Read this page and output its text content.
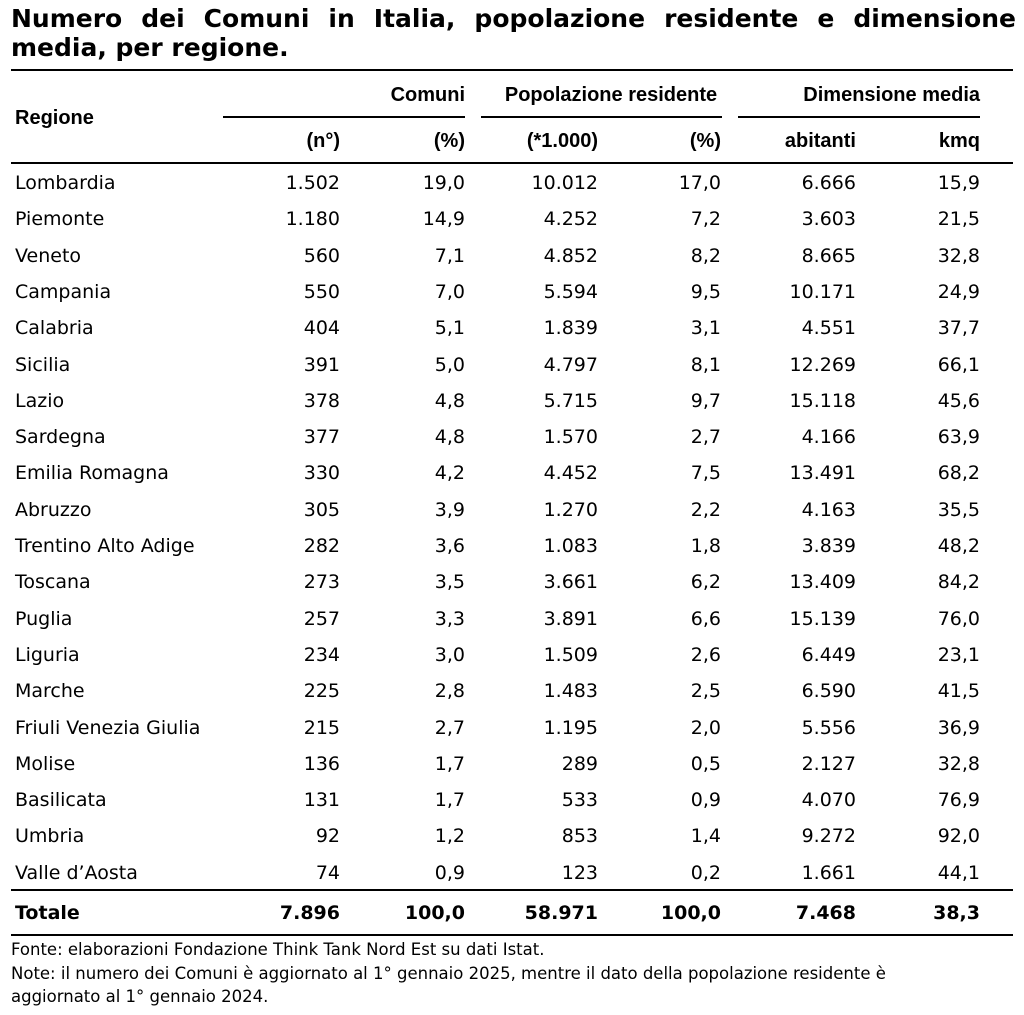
Numero dei Comuni in Italia, popolazione residente e dimensione media, per regione.
Regione
Comuni	Popolazione residente	Dimensione media
(n°)	(%)	(*1.000)	(%)	abitanti	kmq
Lombardia	1.502	19,0	10.012	17,0	6.666	15,9
Piemonte	1.180	14,9	4.252	7,2	3.603	21,5
Veneto	560	7,1	4.852	8,2	8.665	32,8
Campania	550	7,0	5.594	9,5	10.171	24,9
Calabria	404	5,1	1.839	3,1	4.551	37,7
Sicilia	391	5,0	4.797	8,1	12.269	66,1
Lazio	378	4,8	5.715	9,7	15.118	45,6
Sardegna	377	4,8	1.570	2,7	4.166	63,9
Emilia Romagna	330	4,2	4.452	7,5	13.491	68,2
Abruzzo	305	3,9	1.270	2,2	4.163	35,5
Trentino Alto Adige	282	3,6	1.083	1,8	3.839	48,2
Toscana	273	3,5	3.661	6,2	13.409	84,2
Puglia	257	3,3	3.891	6,6	15.139	76,0
Liguria	234	3,0	1.509	2,6	6.449	23,1
Marche	225	2,8	1.483	2,5	6.590	41,5
Friuli Venezia Giulia	215	2,7	1.195	2,0	5.556	36,9
Molise	136	1,7	289	0,5	2.127	32,8
Basilicata	131	1,7	533	0,9	4.070	76,9
Umbria	92	1,2	853	1,4	9.272	92,0
Valle d’Aosta	74	0,9	123	0,2	1.661	44,1
Totale	7.896	100,0	58.971	100,0	7.468	38,3
Fonte: elaborazioni Fondazione Think Tank Nord Est su dati Istat.
Note: il numero dei Comuni è aggiornato al 1° gennaio 2025, mentre il dato della popolazione residente è
aggiornato al 1° gennaio 2024.
